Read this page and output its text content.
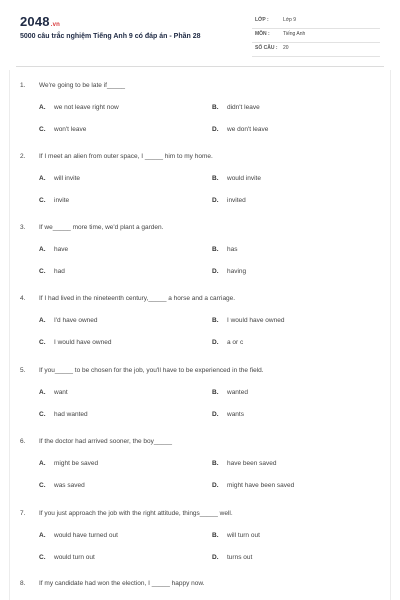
2048.vn
5000 câu trắc nghiệm Tiếng Anh 9 có đáp án - Phần 28
LỚP :	Lớp 9
MÔN :	Tiếng Anh
SỐ CÂU : 20
1. We're going to be late if_____
A. we not leave right now	B. didn't leave
C. won't leave	D. we don't leave
2. If I meet an alien from outer space, I _____ him to my home.
A. will invite	B. would invite
C. invite	D. invited
3. If we_____ more time, we'd plant a garden.
A. have	B. has
C. had	D. having
4. If I had lived in the nineteenth century,_____ a horse and a carriage.
A. I'd have owned	B. I would have owned
C. I would have owned	D. a or c
5. If you_____ to be chosen for the job, you'll have to be experienced in the field.
A. want	B. wanted
C. had wanted	D. wants
6. If the doctor had arrived sooner, the boy_____
A. might be saved	B. have been saved
C. was saved	D. might have been saved
7. If you just approach the job with the right attitude, things_____ well.
A. would have turned out	B. will turn out
C. would turn out	D. turns out
8. If my candidate had won the election, I _____ happy now.
